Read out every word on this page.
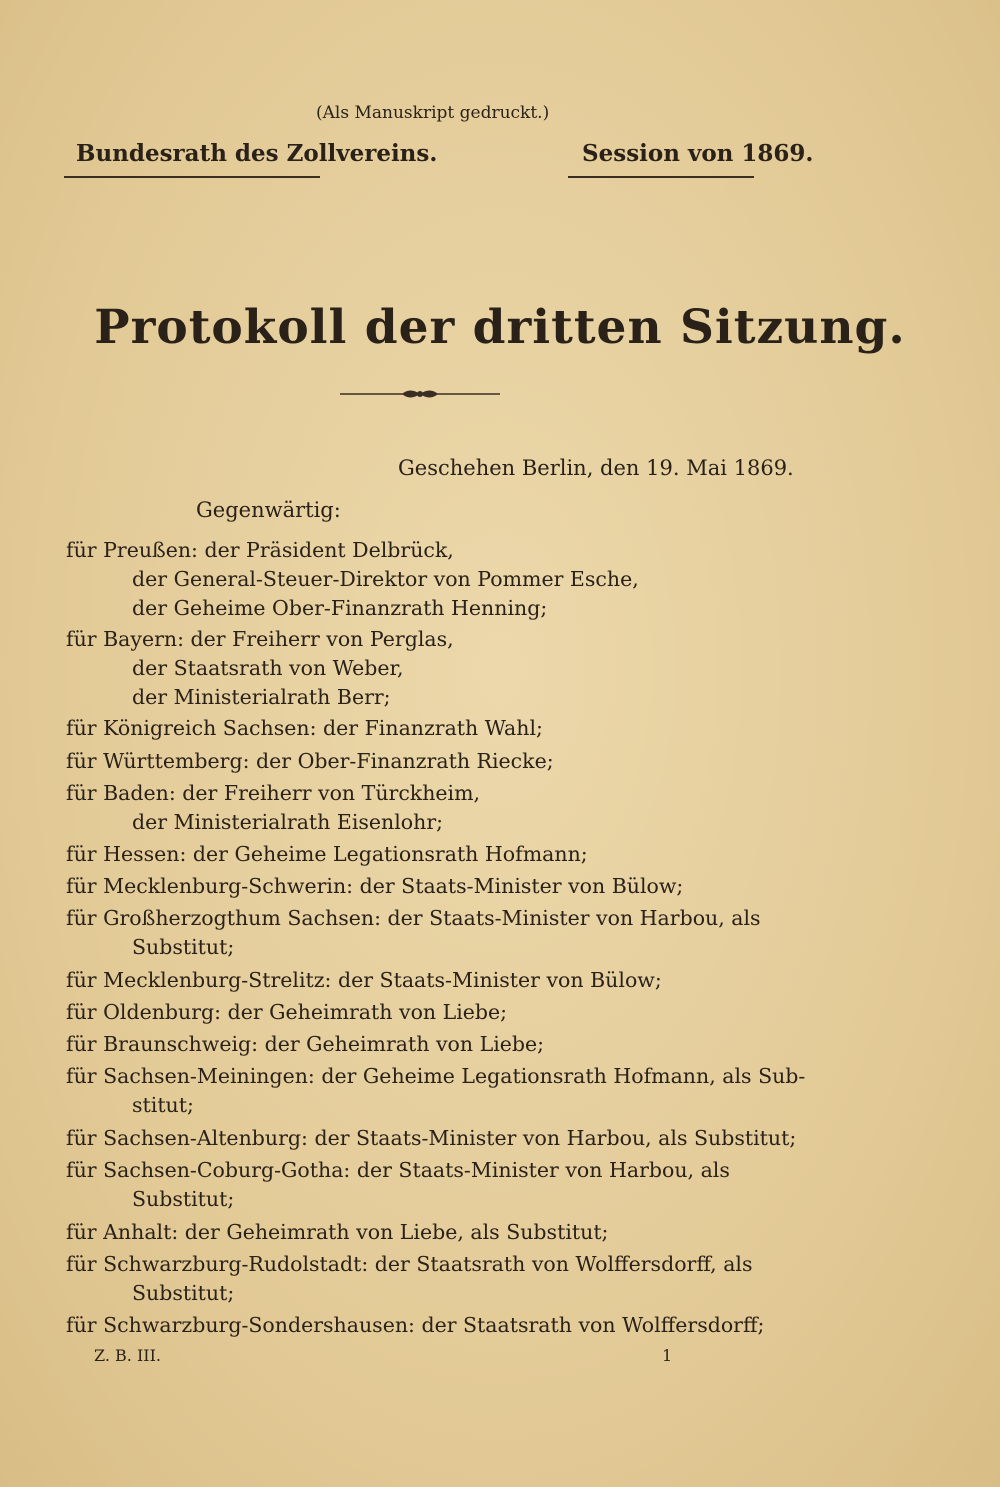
(Als Manuskript gedruckt.)
Bundesrath des Zollvereins.	Session von 1869.
Protokoll der dritten Sitzung.
Geschehen Berlin, den 19. Mai 1869.
Gegenwärtig:
für Preußen: der Präsident Delbrück,
der General-Steuer-Direktor von Pommer Esche,
der Geheime Ober-Finanzrath Henning;
für Bayern: der Freiherr von Perglas,
der Staatsrath von Weber,
der Ministerialrath Berr;
für Königreich Sachsen: der Finanzrath Wahl;
für Württemberg: der Ober-Finanzrath Riecke;
für Baden: der Freiherr von Türckheim,
der Ministerialrath Eisenlohr;
für Hessen: der Geheime Legationsrath Hofmann;
für Mecklenburg-Schwerin: der Staats-Minister von Bülow;
für Großherzogthum Sachsen: der Staats-Minister von Harbou, als
Substitut;
für Mecklenburg-Strelitz: der Staats-Minister von Bülow;
für Oldenburg: der Geheimrath von Liebe;
für Braunschweig: der Geheimrath von Liebe;
für Sachsen-Meiningen: der Geheime Legationsrath Hofmann, als Sub-
stitut;
für Sachsen-Altenburg: der Staats-Minister von Harbou, als Substitut;
für Sachsen-Coburg-Gotha: der Staats-Minister von Harbou, als
Substitut;
für Anhalt: der Geheimrath von Liebe, als Substitut;
für Schwarzburg-Rudolstadt: der Staatsrath von Wolffersdorff, als
Substitut;
Z. B. III.	1
für Schwarzburg-Sondershausen: der Staatsrath von Wolffersdorff;
